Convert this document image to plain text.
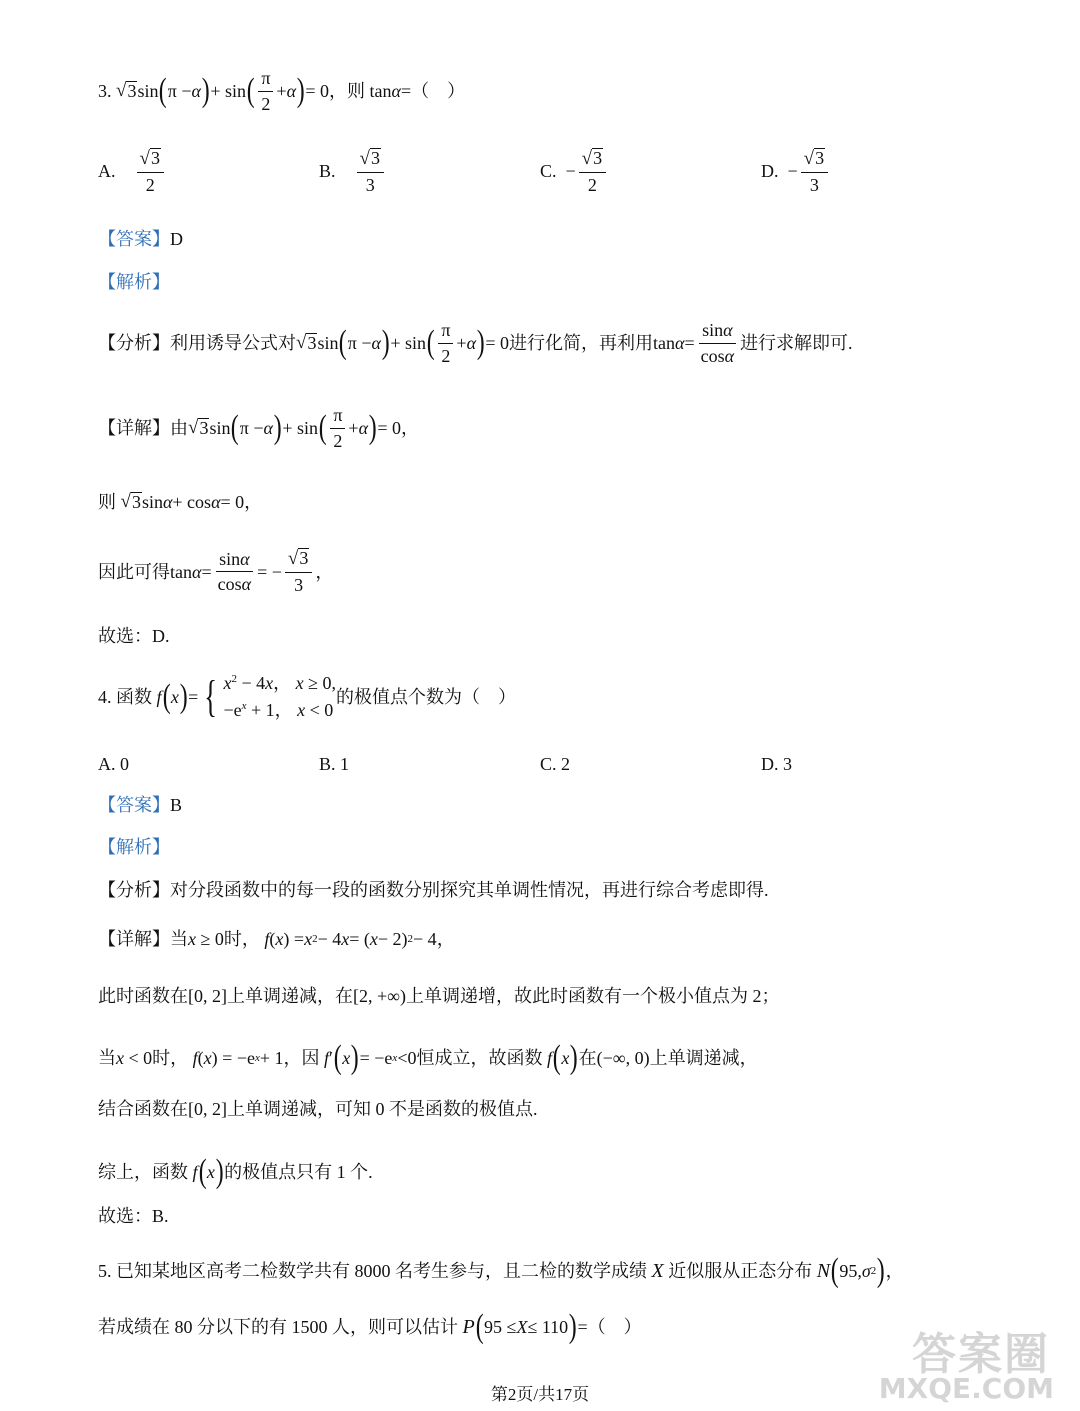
3.
√ 3 sin ( π − α ) + sin ( $\frac{\pi}{2} + \alpha$ ) = 0 ，则 tan α = （　）
A.
$\frac{√ 3}{2}$	B.
$\frac{√ 3}{3}$	C.
− $\frac{√ 3}{2}$	D.
− $\frac{√ 3}{3}$
【答案】 D
【解析】
【分析】 利用诱导公式对 √ 3 sin ( π − α ) + sin ( $\frac{\pi}{2} + \alpha$ ) = 0 进行化简，再利用 $\tan \alpha = \frac{\sin\alpha}{\cos\alpha}$ 进行求解即可.
【详解】 由 √ 3 sin ( π − α ) + sin ( $\frac{\pi}{2} + \alpha$ ) = 0 ，
则
√ 3 sin α + cos α = 0 ，
因此可得 $\tan \alpha = \frac{\sin\alpha}{\cos\alpha}$ = − $\frac{√ 3}{3}$ ，
故选：D.
4.
函数
f ( x ) = { $x^2 - 4x$， x ≥ 0,
$-e^x + 1$， x < 0
的极值点个数为（　）
A. 0	B. 1	C. 2	D. 3
【答案】 B
【解析】
【分析】 对分段函数中的每一段的函数分别探究其单调性情况，再进行综合考虑即得.
【详解】 当 x ≥ 0 时，
f ( x ) = x 2 − 4 x = ( x − 2) 2 − 4 ，
此时函数在 [0, 2] 上单调递减，在 [2, +∞) 上单调递增，故此时函数有一个极小值点为 2；
当 x < 0 时，
f ( x ) = −e x + 1 ，因
f ′ ( x ) = −e x <0 恒成立，故函数
f ( x ) 在 (−∞, 0) 上单调递减，
结合函数在 [0, 2] 上单调递减，可知 0 不是函数的极值点.
综上，函数
f ( x ) 的极值点只有 1 个.
故选：B.
5.
已知某地区高考二检数学共有 8000 名考生参与，且二检的数学成绩
X
近似服从正态分布
N ( 95, σ 2 ) ，
若成绩在 80 分以下的有 1500 人，则可以估计
P ( 95 ≤ X ≤ 110 ) = （　）
第2页/共17页
答案圈
MXQE.COM
